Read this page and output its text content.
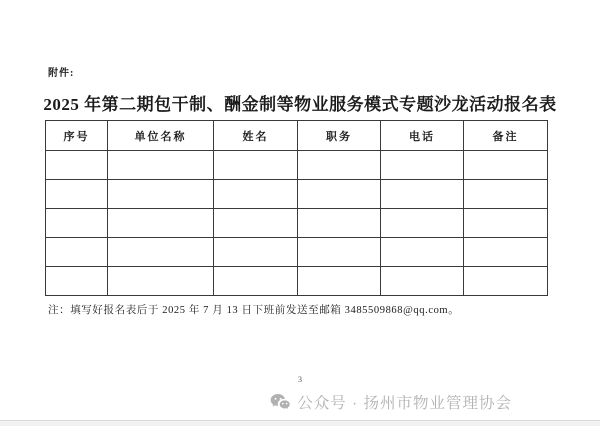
附件:
2025 年第二期包干制、酬金制等物业服务模式专题沙龙活动报名表
序号	单位名称	姓名	职务	电话	备注

注：填写好报名表后于 2025 年 7 月 13 日下班前发送至邮箱 3485509868@qq.com。
3
公众号 · 扬州市物业管理协会
